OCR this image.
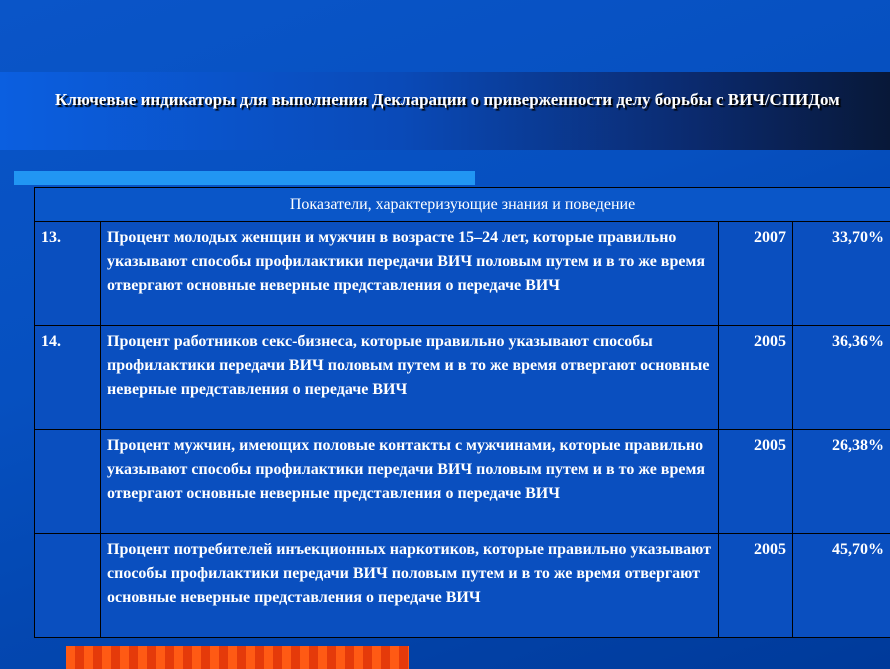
Ключевые индикаторы для выполнения Декларации о приверженности делу борьбы с ВИЧ/СПИДом
Показатели, характеризующие знания и поведение			
13.	Процент молодых женщин и мужчин в возрасте 15–24 лет, которые правильно указывают способы профилактики передачи ВИЧ половым путем и в то же время отвергают основные неверные представления о передаче ВИЧ	2007	33,70%
14.	Процент работников секс-бизнеса, которые правильно указывают способы профилактики передачи ВИЧ половым путем и в то же время отвергают основные неверные представления о передаче ВИЧ	2005	36,36%
	Процент мужчин, имеющих половые контакты с мужчинами, которые правильно указывают способы профилактики передачи ВИЧ половым путем и в то же время отвергают основные неверные представления о передаче ВИЧ	2005	26,38%
	Процент потребителей инъекционных наркотиков, которые правильно указывают способы профилактики передачи ВИЧ половым путем и в то же время отвергают основные неверные представления о передаче ВИЧ	2005	45,70%
